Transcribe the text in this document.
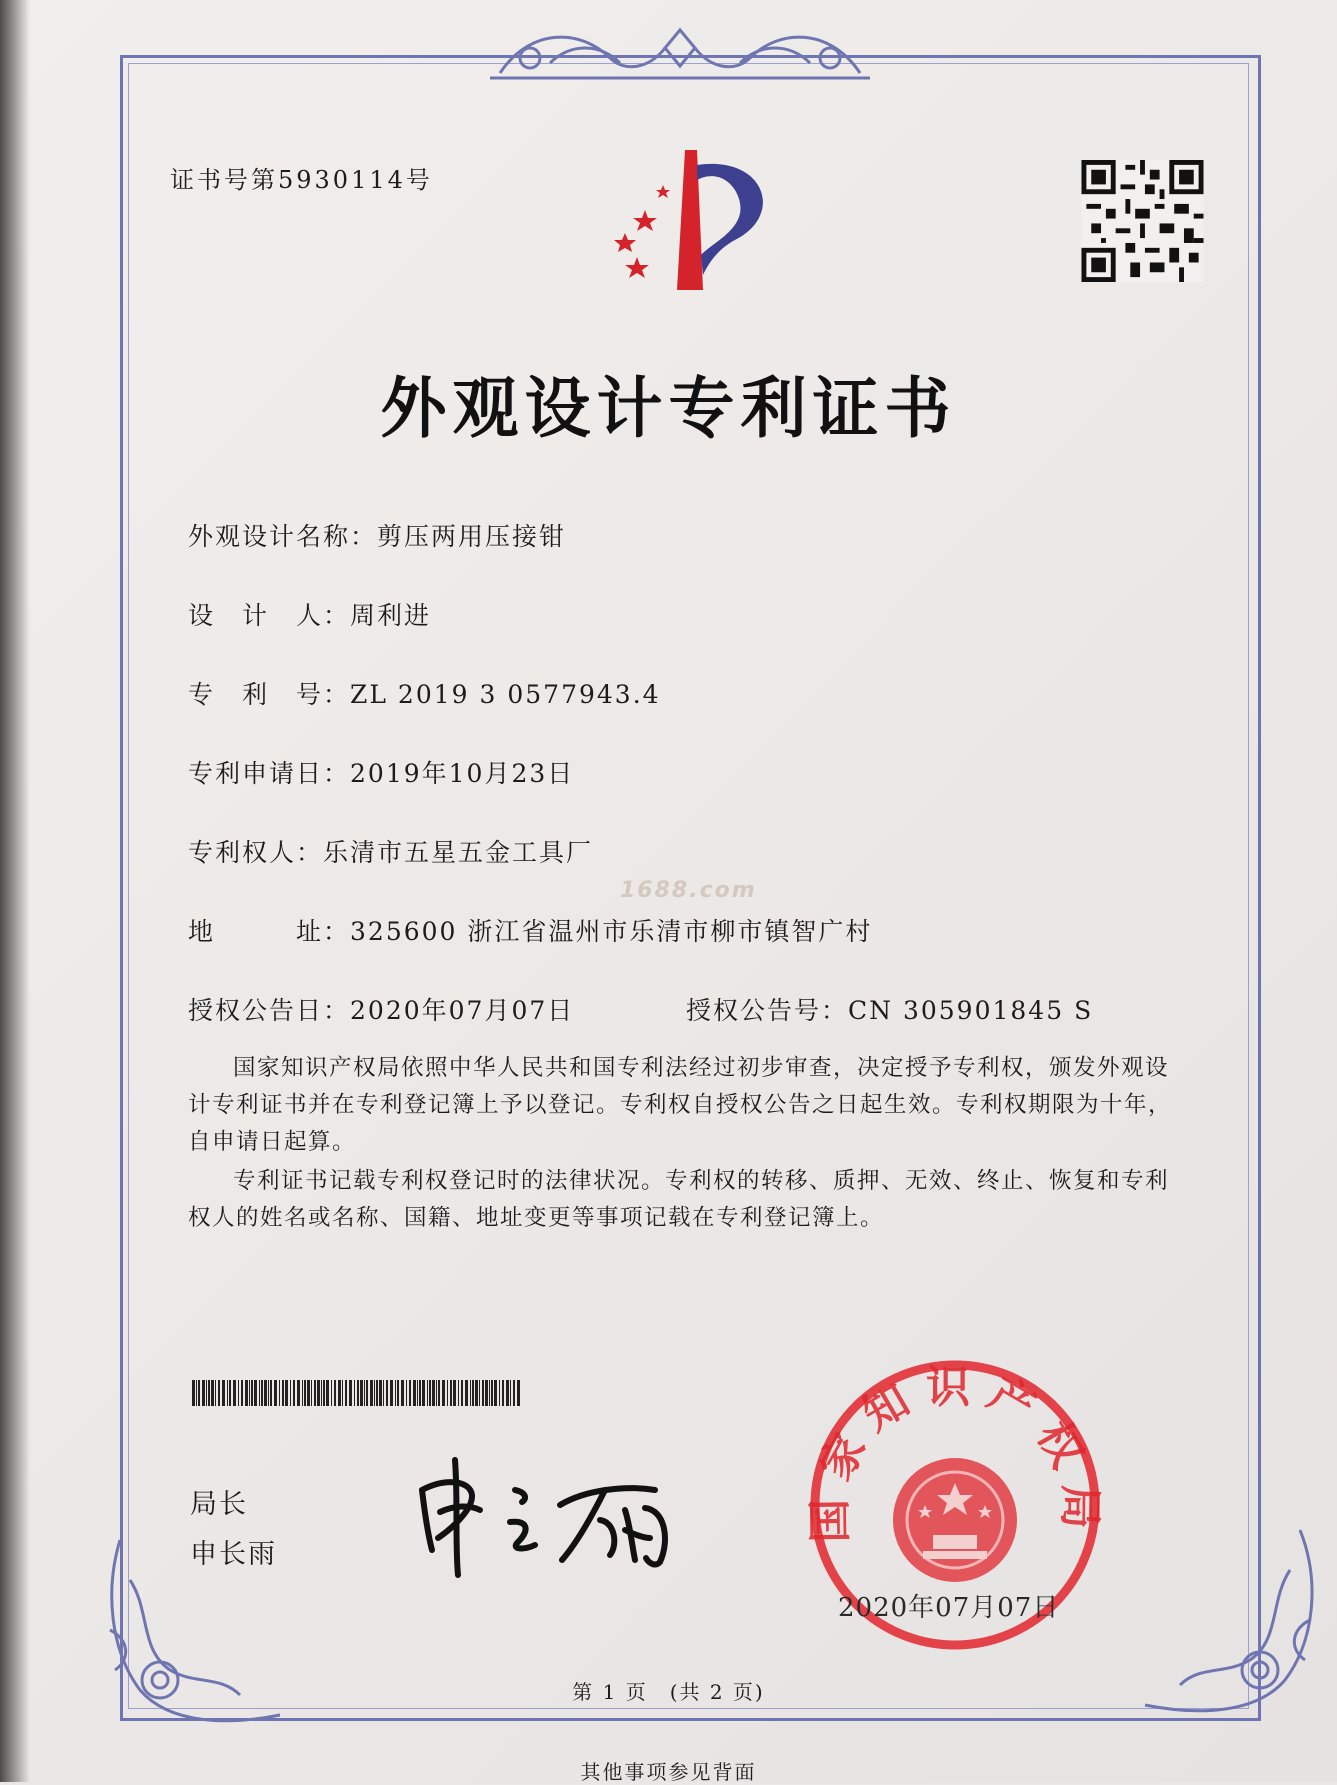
证书号第5930114号
外观设计专利证书
外观设计名称：剪压两用压接钳
设　计　人：周利进
专　利　号：ZL 2019 3 0577943.4
专利申请日：2019年10月23日
专利权人：乐清市五星五金工具厂
1688.com
地　　　址：325600 浙江省温州市乐清市柳市镇智广村
授权公告日：2020年07月07日	授权公告号：CN 305901845 S
国家知识产权局依照中华人民共和国专利法经过初步审查，决定授予专利权，颁发外观设计专利证书并在专利登记簿上予以登记。专利权自授权公告之日起生效。专利权期限为十年，自申请日起算。
专利证书记载专利权登记时的法律状况。专利权的转移、质押、无效、终止、恢复和专利权人的姓名或名称、国籍、地址变更等事项记载在专利登记簿上。
局长
申长雨
国家知识产权局
2020年07月07日
第 1 页　(共 2 页)
其他事项参见背面
